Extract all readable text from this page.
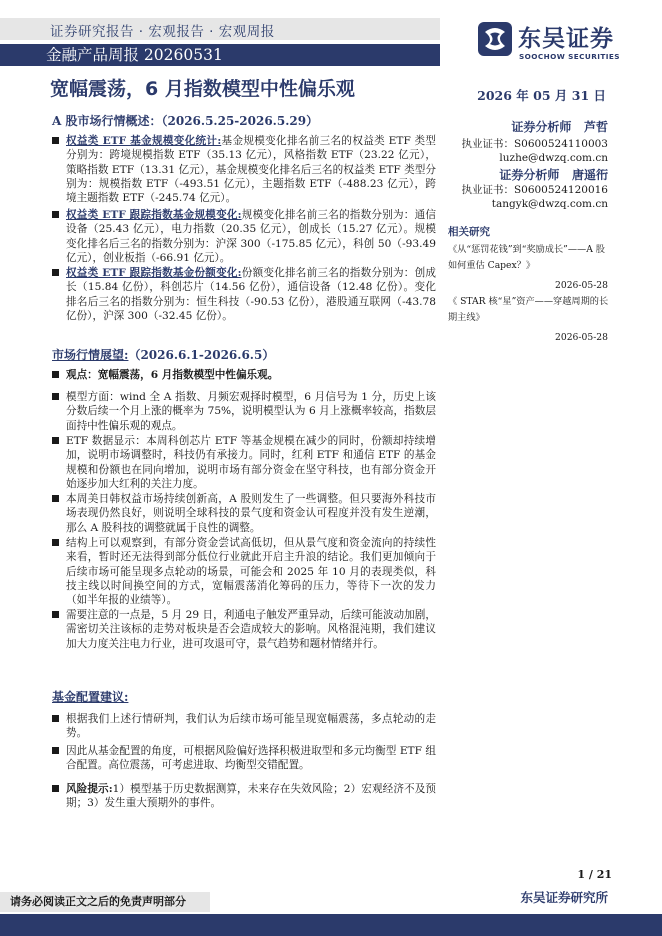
证券研究报告 · 宏观报告 · 宏观周报
金融产品周报 20260531
东吴证券
SOOCHOW SECURITIES
宽幅震荡，6 月指数模型中性偏乐观	2026 年 05 月 31 日
A 股市场行情概述：（2026.5.25-2026.5.29）
权益类 ETF 基金规模变化统计:基金规模变化排名前三名的权益类 ETF 类型分别为：跨境规模指数 ETF（35.13 亿元），风格指数 ETF（23.22 亿元），策略指数 ETF（13.31 亿元），基金规模变化排名后三名的权益类 ETF 类型分别为：规模指数 ETF（-493.51 亿元），主题指数 ETF（-488.23 亿元），跨境主题指数 ETF（-245.74 亿元）。
权益类 ETF 跟踪指数基金规模变化:规模变化排名前三名的指数分别为：通信设备（25.43 亿元），电力指数（20.35 亿元），创成长（15.27 亿元）。规模变化排名后三名的指数分别为：沪深 300（-175.85 亿元），科创 50（-93.49 亿元），创业板指（-66.91 亿元）。
权益类 ETF 跟踪指数基金份额变化:份额变化排名前三名的指数分别为：创成长（15.84 亿份），科创芯片（14.56 亿份），通信设备（12.48 亿份）。变化排名后三名的指数分别为：恒生科技（-90.53 亿份），港股通互联网（-43.78 亿份），沪深 300（-32.45 亿份）。
市场行情展望:（2026.6.1-2026.6.5）
观点：宽幅震荡，6 月指数模型中性偏乐观。
模型方面：wind 全 A 指数、月频宏观择时模型，6 月信号为 1 分，历史上该分数后续一个月上涨的概率为 75%，说明模型认为 6 月上涨概率较高，指数层面持中性偏乐观的观点。
ETF 数据显示：本周科创芯片 ETF 等基金规模在减少的同时，份额却持续增加，说明市场调整时，科技仍有承接力。同时，红利 ETF 和通信 ETF 的基金规模和份额也在同向增加，说明市场有部分资金在坚守科技，也有部分资金开始逐步加大红利的关注力度。
本周美日韩权益市场持续创新高，A 股则发生了一些调整。但只要海外科技市场表现仍然良好，则说明全球科技的景气度和资金认可程度并没有发生逆潮，那么 A 股科技的调整就属于良性的调整。
结构上可以观察到，有部分资金尝试高低切，但从景气度和资金流向的持续性来看，暂时还无法得到部分低位行业就此开启主升浪的结论。我们更加倾向于后续市场可能呈现多点轮动的场景，可能会和 2025 年 10 月的表现类似，科技主线以时间换空间的方式，宽幅震荡消化筹码的压力，等待下一次的发力（如半年报的业绩等）。
需要注意的一点是，5 月 29 日，利通电子触发严重异动，后续可能波动加剧，需密切关注该标的走势对板块是否会造成较大的影响。风格混沌期，我们建议加大力度关注电力行业，进可攻退可守，景气趋势和题材情绪并行。
基金配置建议:
根据我们上述行情研判，我们认为后续市场可能呈现宽幅震荡，多点轮动的走势。
因此从基金配置的角度，可根据风险偏好选择积极进取型和多元均衡型 ETF 组合配置。高位震荡，可考虑进取、均衡型交错配置。
风险提示:1）模型基于历史数据测算，未来存在失效风险；2）宏观经济不及预期；3）发生重大预期外的事件。
证券分析师 芦哲
执业证书：S0600524110003
luzhe@dwzq.com.cn
证券分析师 唐遥衎
执业证书：S0600524120016
tangyk@dwzq.com.cn
相关研究
《从“惩罚花钱”到“奖励成长”——A 股如何重估 Capex？》
2026-05-28
《 STAR 核“星”资产——穿越周期的长期主线》
2026-05-28
1 / 21
请务必阅读正文之后的免责声明部分	东吴证券研究所
